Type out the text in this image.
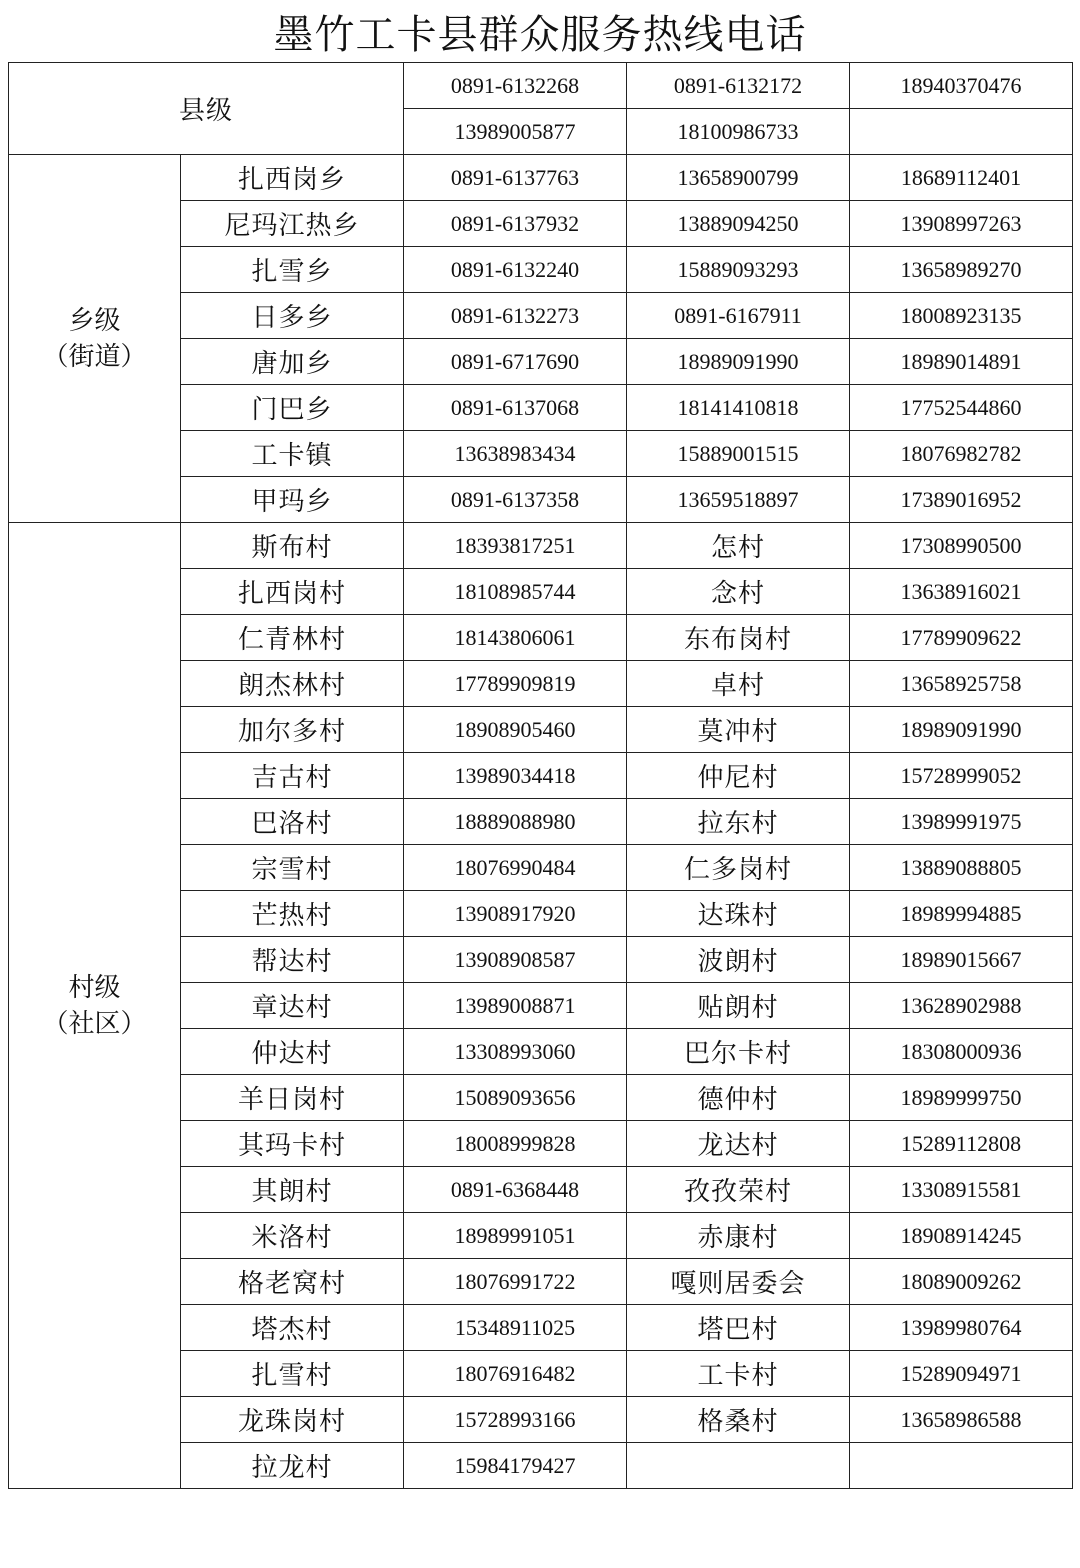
墨竹工卡县群众服务热线电话
县级		0891-6132268	0891-6132172	18940370476
		13989005877	18100986733	

乡级
（街道）	扎西岗乡	0891-6137763	13658900799	18689112401
	尼玛江热乡	0891-6137932	13889094250	13908997263
	扎雪乡	0891-6132240	15889093293	13658989270
	日多乡	0891-6132273	0891-6167911	18008923135
	唐加乡	0891-6717690	18989091990	18989014891
	门巴乡	0891-6137068	18141410818	17752544860
	工卡镇	13638983434	15889001515	18076982782
	甲玛乡	0891-6137358	13659518897	17389016952

村级
（社区）	斯布村	18393817251	怎村	17308990500
	扎西岗村	18108985744	念村	13638916021
	仁青林村	18143806061	东布岗村	17789909622
	朗杰林村	17789909819	卓村	13658925758
	加尔多村	18908905460	莫冲村	18989091990
	吉古村	13989034418	仲尼村	15728999052
	巴洛村	18889088980	拉东村	13989991975
	宗雪村	18076990484	仁多岗村	13889088805
	芒热村	13908917920	达珠村	18989994885
	帮达村	13908908587	波朗村	18989015667
	章达村	13989008871	贴朗村	13628902988
	仲达村	13308993060	巴尔卡村	18308000936
	羊日岗村	15089093656	德仲村	18989999750
	其玛卡村	18008999828	龙达村	15289112808
	其朗村	0891-6368448	孜孜荣村	13308915581
	米洛村	18989991051	赤康村	18908914245
	格老窝村	18076991722	嘎则居委会	18089009262
	塔杰村	15348911025	塔巴村	13989980764
	扎雪村	18076916482	工卡村	15289094971
	龙珠岗村	15728993166	格桑村	13658986588
	拉龙村	15984179427		
